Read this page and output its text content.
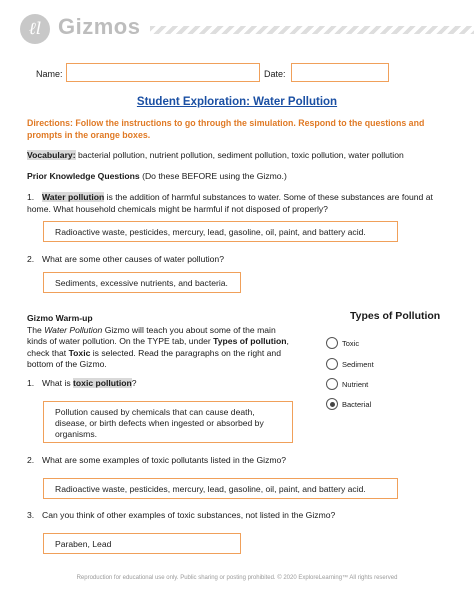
ℓl Gizmos
Name:	Date:
Student Exploration: Water Pollution
Directions: Follow the instructions to go through the simulation. Respond to the questions and prompts in the orange boxes.
Vocabulary: bacterial pollution, nutrient pollution, sediment pollution, toxic pollution, water pollution
Prior Knowledge Questions (Do these BEFORE using the Gizmo.)
1. Water pollution is the addition of harmful substances to water. Some of these substances are found at home. What household chemicals might be harmful if not disposed of properly?
Radioactive waste, pesticides, mercury, lead, gasoline, oil, paint, and battery acid.
2. What are some other causes of water pollution?
Sediments, excessive nutrients, and bacteria.
Gizmo Warm-up
The Water Pollution Gizmo will teach you about some of the main kinds of water pollution. On the TYPE tab, under Types of pollution, check that Toxic is selected. Read the paragraphs on the right and bottom of the Gizmo.
Types of Pollution
Toxic
Sediment
Nutrient
Bacterial
1. What is toxic pollution?
Pollution caused by chemicals that can cause death, disease, or birth defects when ingested or absorbed by organisms.
2. What are some examples of toxic pollutants listed in the Gizmo?
Radioactive waste, pesticides, mercury, lead, gasoline, oil, paint, and battery acid.
3. Can you think of other examples of toxic substances, not listed in the Gizmo?
Paraben, Lead
Reproduction for educational use only. Public sharing or posting prohibited. © 2020 ExploreLearning™ All rights reserved
